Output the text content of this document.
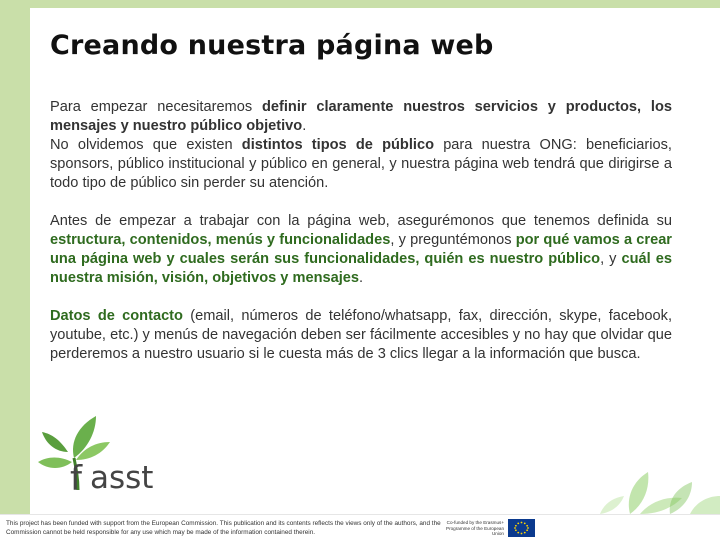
Creando nuestra página web

Para empezar necesitaremos definir claramente nuestros servicios y productos, los mensajes y nuestro público objetivo.

No olvidemos que existen distintos tipos de público para nuestra ONG: beneficiarios, sponsors, público institucional y público en general, y nuestra página web tendrá que dirigirse a todo tipo de público sin perder su atención.

Antes de empezar a trabajar con la página web, asegurémonos que tenemos definida su estructura, contenidos, menús y funcionalidades, y preguntémonos por qué vamos a crear una página web y cuales serán sus funcionalidades, quién es nuestro público, y cuál es nuestra misión, visión, objetivos y mensajes.

Datos de contacto (email, números de teléfono/whatsapp, fax, dirección, skype, facebook, youtube, etc.) y menús de navegación deben ser fácilmente accesibles y no hay que olvidar que perderemos a nuestro usuario si le cuesta más de 3 clics llegar a la información que busca.

f asst
This project has been funded with support from the European Commission. This publication and its contents reflects the views only of the authors, and the Commission cannot be held responsible for any use which may be made of the information contained therein.
Co-funded by the Erasmus+ Programme of the European Union
